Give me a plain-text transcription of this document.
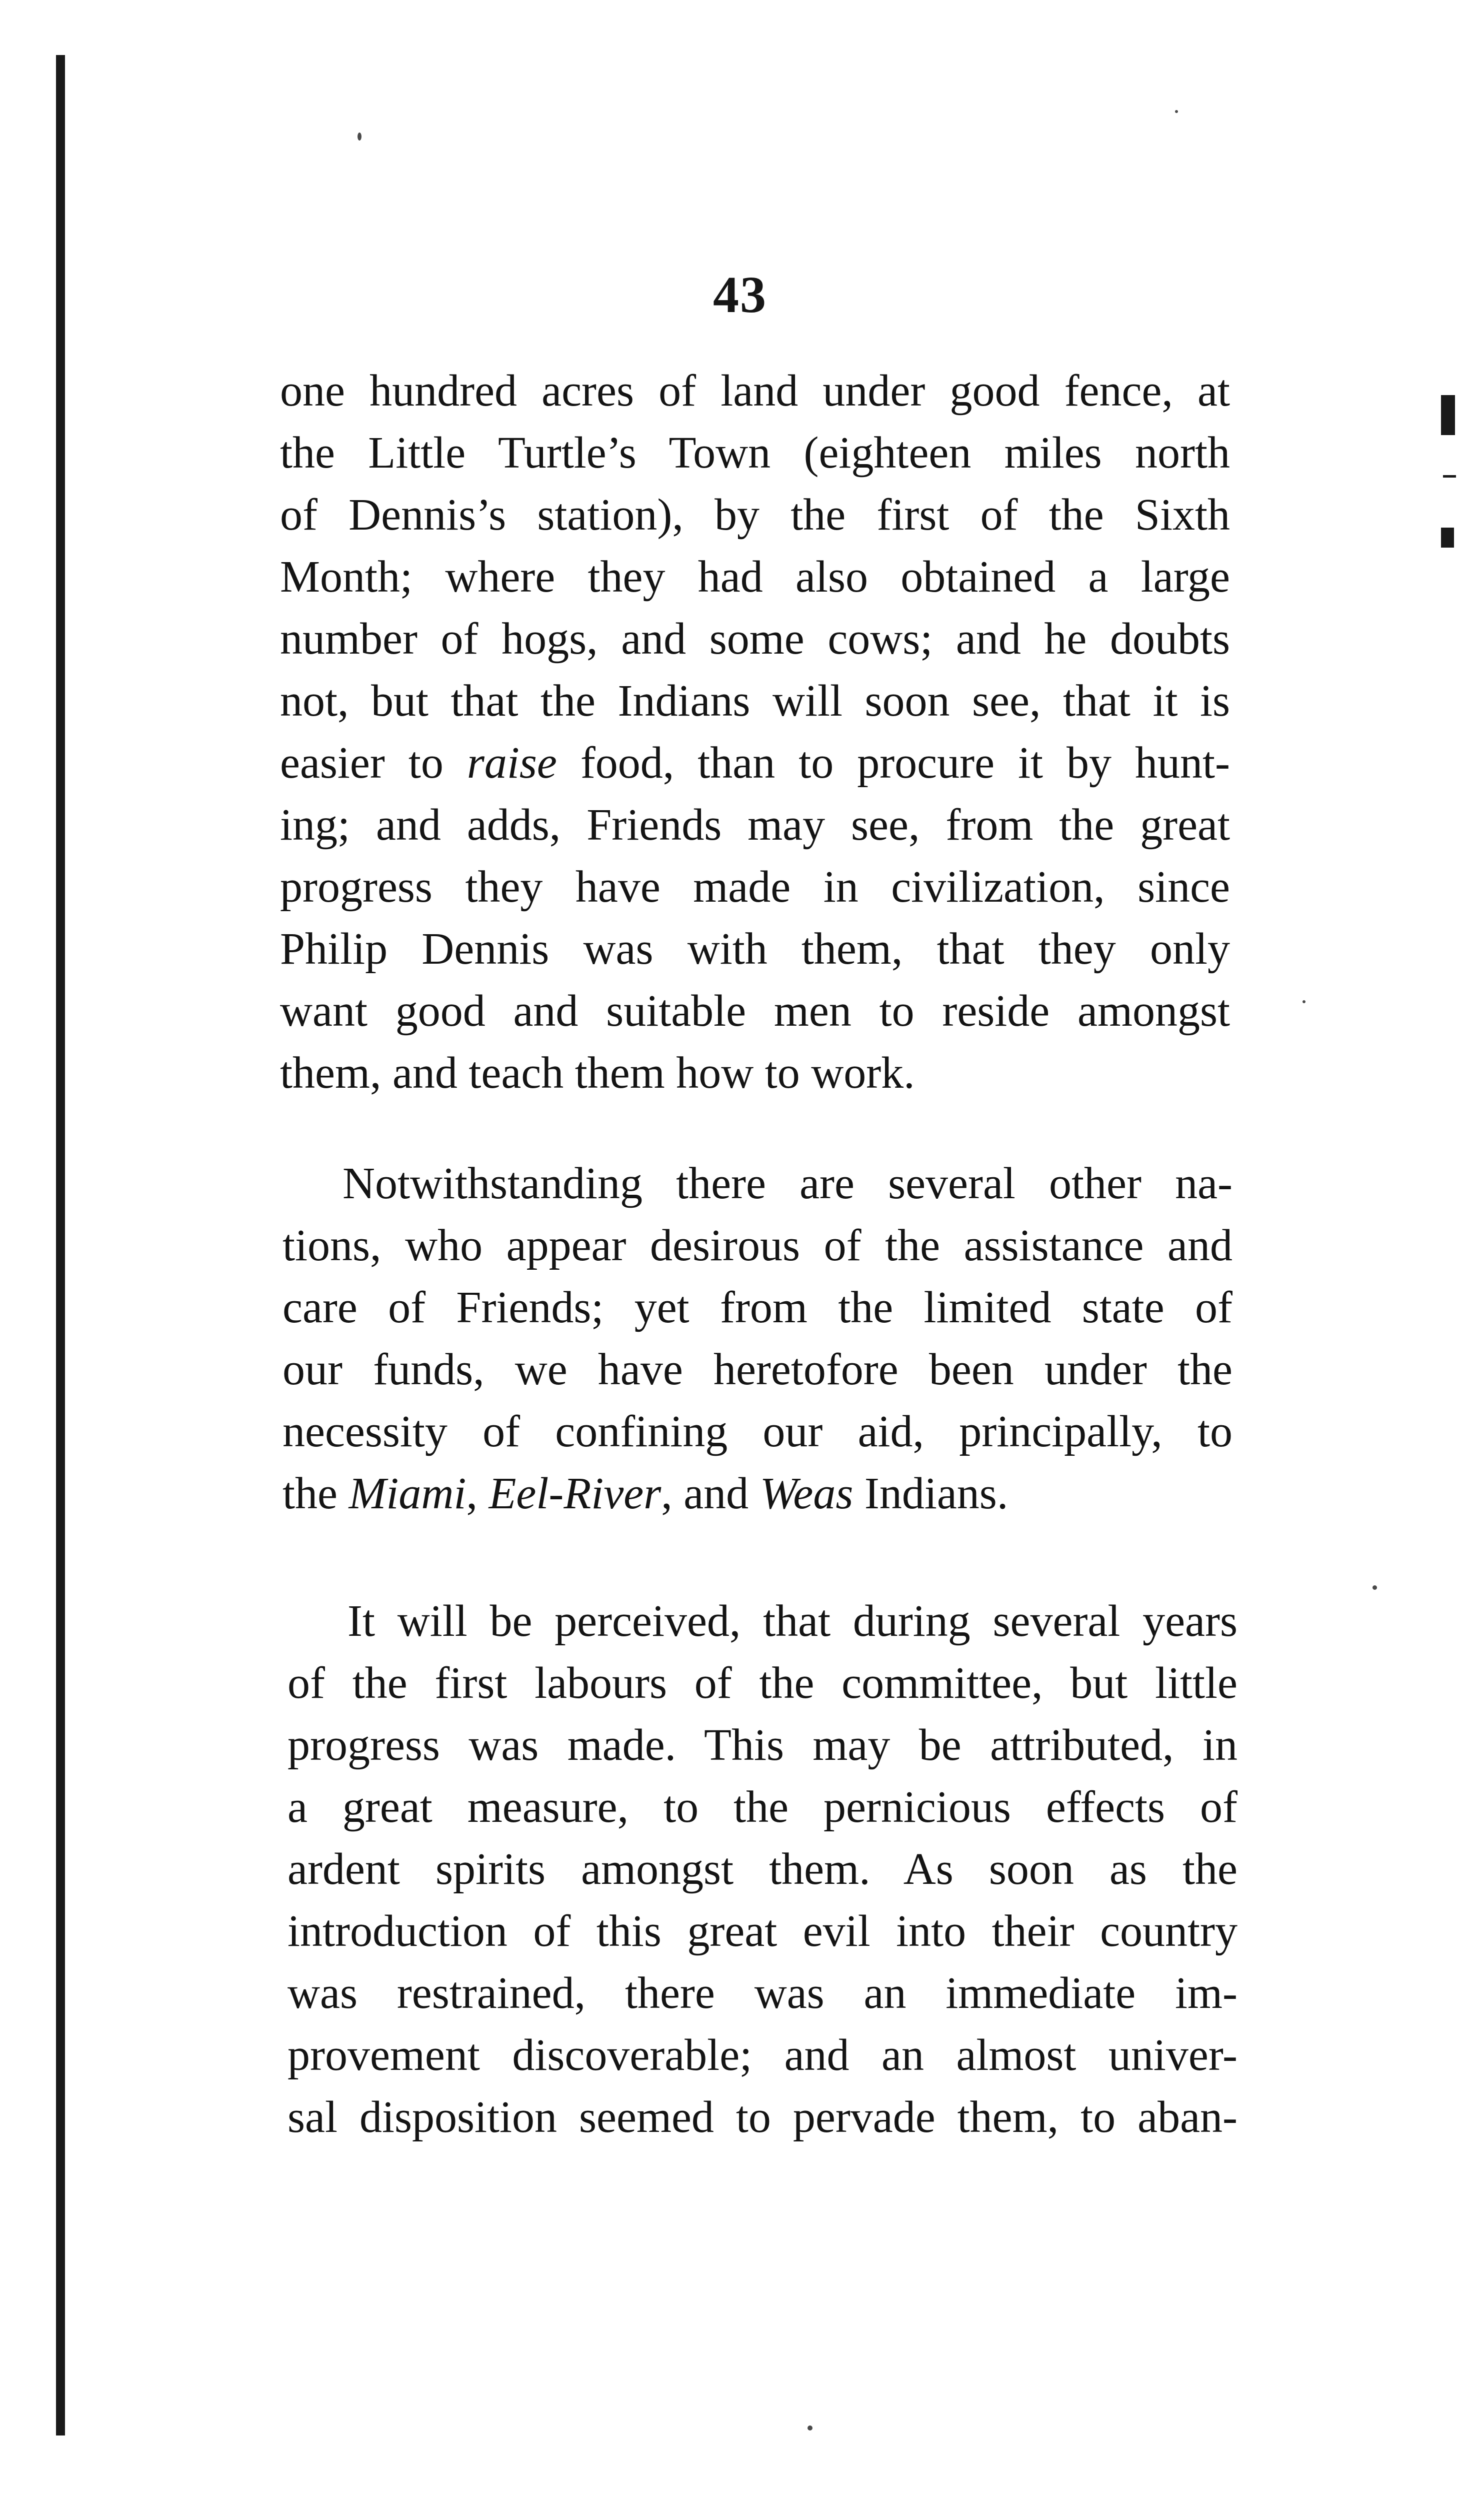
43
one hundred acres of land under good fence, at
the Little Turtle’s Town (eighteen miles north
of Dennis’s station), by the first of the Sixth
Month; where they had also obtained a large
number of hogs, and some cows; and he doubts
not, but that the Indians will soon see, that it is
easier to raise food, than to procure it by hunt-
ing; and adds, Friends may see, from the great
progress they have made in civilization, since
Philip Dennis was with them, that they only
want good and suitable men to reside amongst
them, and teach them how to work.
Notwithstanding there are several other na-
tions, who appear desirous of the assistance and
care of Friends; yet from the limited state of
our funds, we have heretofore been under the
necessity of confining our aid, principally, to
the Miami, Eel-River, and Weas Indians.
It will be perceived, that during several years
of the first labours of the committee, but little
progress was made. This may be attributed, in
a great measure, to the pernicious effects of
ardent spirits amongst them. As soon as the
introduction of this great evil into their country
was restrained, there was an immediate im-
provement discoverable; and an almost univer-
sal disposition seemed to pervade them, to aban-
